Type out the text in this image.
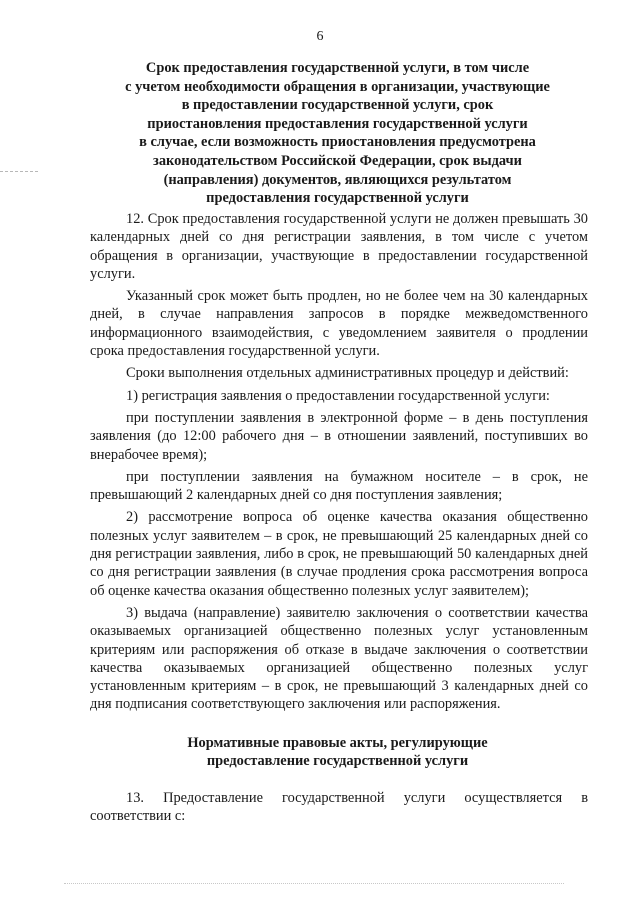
6
Срок предоставления государственной услуги, в том числе
с учетом необходимости обращения в организации, участвующие
в предоставлении государственной услуги, срок
приостановления предоставления государственной услуги
в случае, если возможность приостановления предусмотрена
законодательством Российской Федерации, срок выдачи
(направления) документов, являющихся результатом
предоставления государственной услуги

12. Срок предоставления государственной услуги не должен превышать 30 календарных дней со дня регистрации заявления, в том числе с учетом обращения в организации, участвующие в предоставлении государственной услуги.

Указанный срок может быть продлен, но не более чем на 30 календарных дней, в случае направления запросов в порядке межведомственного информационного взаимодействия, с уведомлением заявителя о продлении срока предоставления государственной услуги.

Сроки выполнения отдельных административных процедур и действий:

1) регистрация заявления о предоставлении государственной услуги:

при поступлении заявления в электронной форме – в день поступления заявления (до 12:00 рабочего дня – в отношении заявлений, поступивших во внерабочее время);

при поступлении заявления на бумажном носителе – в срок, не превышающий 2 календарных дней со дня поступления заявления;

2) рассмотрение вопроса об оценке качества оказания общественно полезных услуг заявителем – в срок, не превышающий 25 календарных дней со дня регистрации заявления, либо в срок, не превышающий 50 календарных дней со дня регистрации заявления (в случае продления срока рассмотрения вопроса об оценке качества оказания общественно полезных услуг заявителем);

3) выдача (направление) заявителю заключения о соответствии качества оказываемых организацией общественно полезных услуг установленным критериям или распоряжения об отказе в выдаче заключения о соответствии качества оказываемых организацией общественно полезных услуг установленным критериям – в срок, не превышающий 3 календарных дней со дня подписания соответствующего заключения или распоряжения.

Нормативные правовые акты, регулирующие
предоставление государственной услуги

13. Предоставление государственной услуги осуществляется в соответствии с:
